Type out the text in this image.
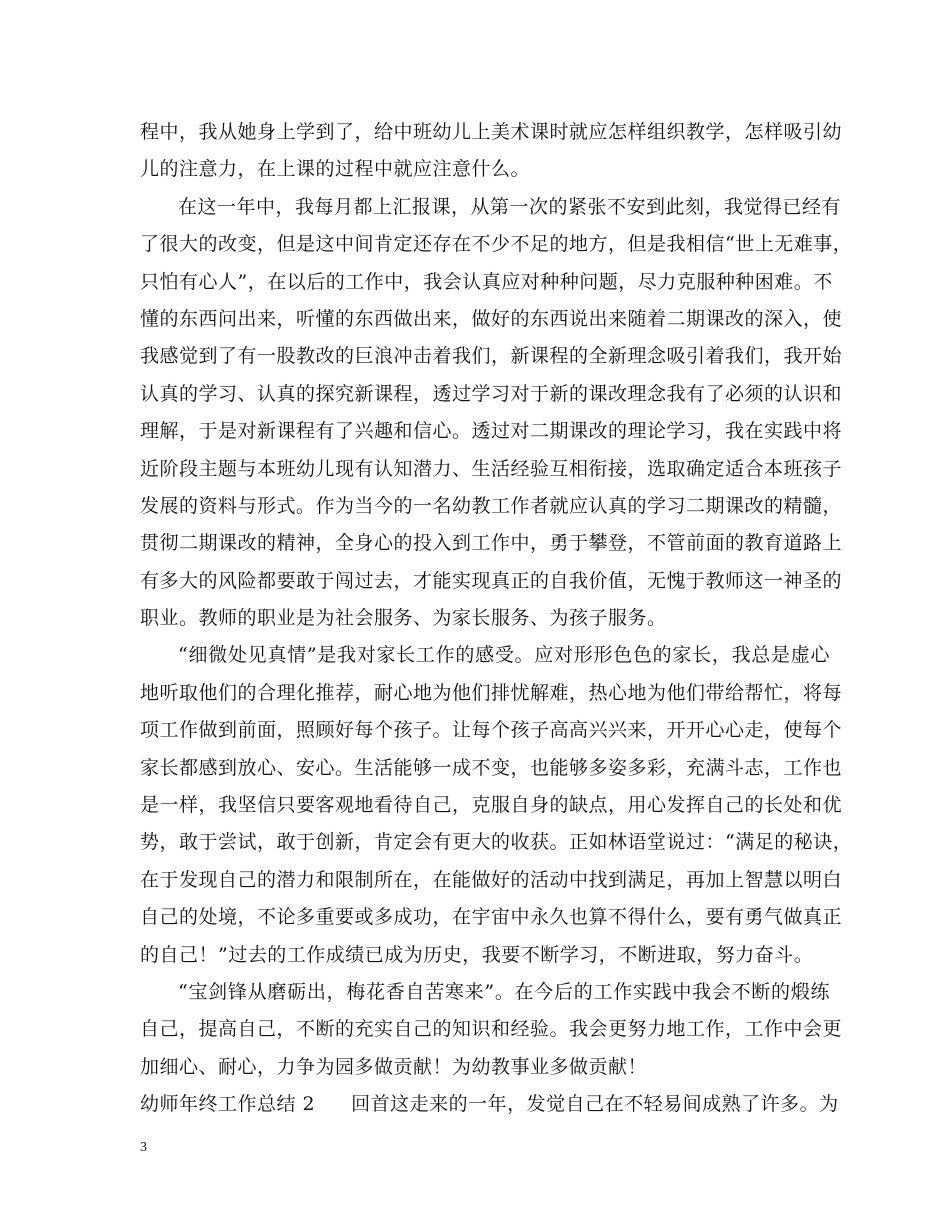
程中，我从她身上学到了，给中班幼儿上美术课时就应怎样组织教学，怎样吸引幼
儿的注意力，在上课的过程中就应注意什么。
在这一年中，我每月都上汇报课，从第一次的紧张不安到此刻，我觉得已经有
了很大的改变，但是这中间肯定还存在不少不足的地方，但是我相信“世上无难事，
只怕有心人”，在以后的工作中，我会认真应对种种问题，尽力克服种种困难。不
懂的东西问出来，听懂的东西做出来，做好的东西说出来随着二期课改的深入，使
我感觉到了有一股教改的巨浪冲击着我们，新课程的全新理念吸引着我们，我开始
认真的学习、认真的探究新课程，透过学习对于新的课改理念我有了必须的认识和
理解，于是对新课程有了兴趣和信心。透过对二期课改的理论学习，我在实践中将
近阶段主题与本班幼儿现有认知潜力、生活经验互相衔接，选取确定适合本班孩子
发展的资料与形式。作为当今的一名幼教工作者就应认真的学习二期课改的精髓，
贯彻二期课改的精神，全身心的投入到工作中，勇于攀登，不管前面的教育道路上
有多大的风险都要敢于闯过去，才能实现真正的自我价值，无愧于教师这一神圣的
职业。教师的职业是为社会服务、为家长服务、为孩子服务。
“细微处见真情”是我对家长工作的感受。应对形形色色的家长，我总是虚心
地听取他们的合理化推荐，耐心地为他们排忧解难，热心地为他们带给帮忙，将每
项工作做到前面，照顾好每个孩子。让每个孩子高高兴兴来，开开心心走，使每个
家长都感到放心、安心。生活能够一成不变，也能够多姿多彩，充满斗志，工作也
是一样，我坚信只要客观地看待自己，克服自身的缺点，用心发挥自己的长处和优
势，敢于尝试，敢于创新，肯定会有更大的收获。正如林语堂说过：“满足的秘诀，
在于发现自己的潜力和限制所在，在能做好的活动中找到满足，再加上智慧以明白
自己的处境，不论多重要或多成功，在宇宙中永久也算不得什么，要有勇气做真正
的自己！”过去的工作成绩已成为历史，我要不断学习，不断进取，努力奋斗。
“宝剑锋从磨砺出，梅花香自苦寒来”。在今后的工作实践中我会不断的煅练
自己，提高自己，不断的充实自己的知识和经验。我会更努力地工作，工作中会更
加细心、耐心，力争为园多做贡献！为幼教事业多做贡献！
幼师年终工作总结 2 回首这走来的一年，发觉自己在不轻易间成熟了许多。为
3
